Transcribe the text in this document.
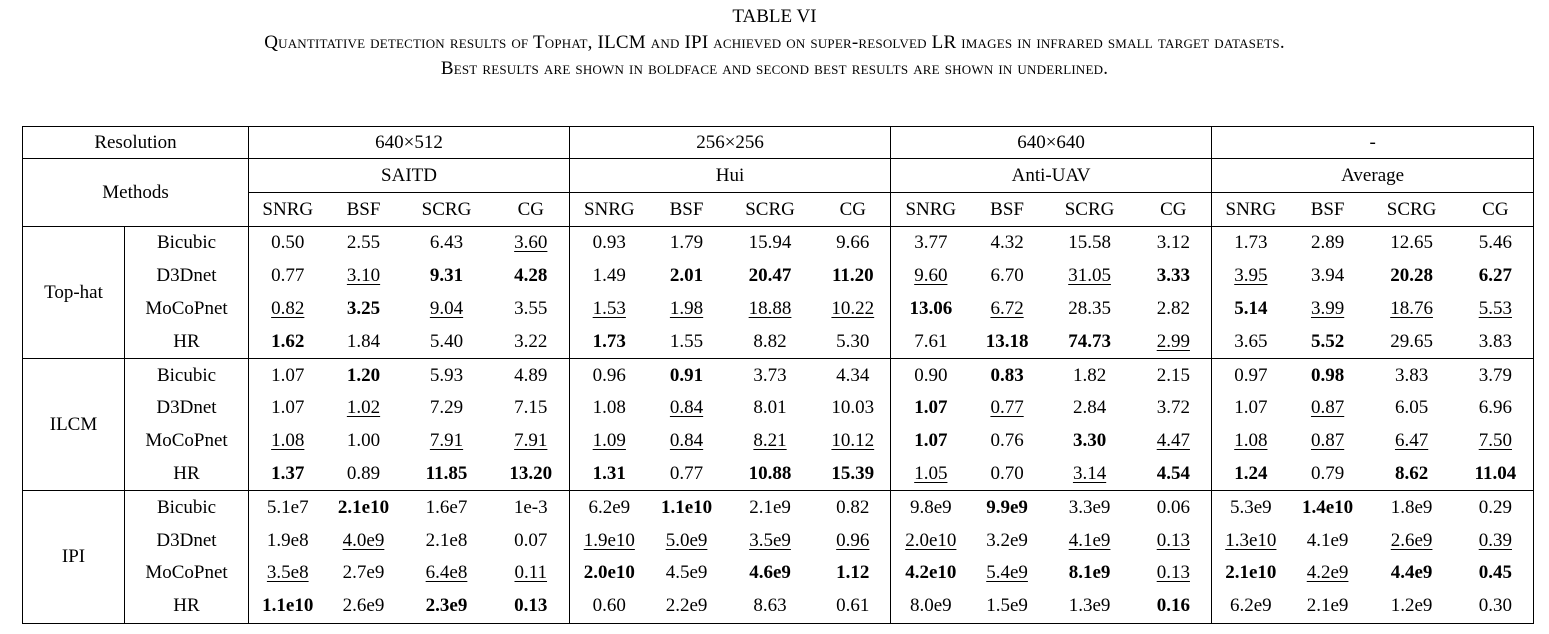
TABLE VI
Quantitative detection results of Tophat, ILCM and IPI achieved on super-resolved LR images in infrared small target datasets.
Best results are shown in boldface and second best results are shown in underlined.
Resolution		640×512				256×256				640×640				-			
Methods		SAITD				Hui				Anti-UAV				Average			
		SNRG	BSF	SCRG	CG	SNRG	BSF	SCRG	CG	SNRG	BSF	SCRG	CG	SNRG	BSF	SCRG	CG
Top-hat	Bicubic	0.50	2.55	6.43	3.60	0.93	1.79	15.94	9.66	3.77	4.32	15.58	3.12	1.73	2.89	12.65	5.46
	D3Dnet	0.77	3.10	9.31	4.28	1.49	2.01	20.47	11.20	9.60	6.70	31.05	3.33	3.95	3.94	20.28	6.27
	MoCoPnet	0.82	3.25	9.04	3.55	1.53	1.98	18.88	10.22	13.06	6.72	28.35	2.82	5.14	3.99	18.76	5.53
	HR	1.62	1.84	5.40	3.22	1.73	1.55	8.82	5.30	7.61	13.18	74.73	2.99	3.65	5.52	29.65	3.83
ILCM	Bicubic	1.07	1.20	5.93	4.89	0.96	0.91	3.73	4.34	0.90	0.83	1.82	2.15	0.97	0.98	3.83	3.79
	D3Dnet	1.07	1.02	7.29	7.15	1.08	0.84	8.01	10.03	1.07	0.77	2.84	3.72	1.07	0.87	6.05	6.96
	MoCoPnet	1.08	1.00	7.91	7.91	1.09	0.84	8.21	10.12	1.07	0.76	3.30	4.47	1.08	0.87	6.47	7.50
	HR	1.37	0.89	11.85	13.20	1.31	0.77	10.88	15.39	1.05	0.70	3.14	4.54	1.24	0.79	8.62	11.04
IPI	Bicubic	5.1e7	2.1e10	1.6e7	1e-3	6.2e9	1.1e10	2.1e9	0.82	9.8e9	9.9e9	3.3e9	0.06	5.3e9	1.4e10	1.8e9	0.29
	D3Dnet	1.9e8	4.0e9	2.1e8	0.07	1.9e10	5.0e9	3.5e9	0.96	2.0e10	3.2e9	4.1e9	0.13	1.3e10	4.1e9	2.6e9	0.39
	MoCoPnet	3.5e8	2.7e9	6.4e8	0.11	2.0e10	4.5e9	4.6e9	1.12	4.2e10	5.4e9	8.1e9	0.13	2.1e10	4.2e9	4.4e9	0.45
	HR	1.1e10	2.6e9	2.3e9	0.13	0.60	2.2e9	8.63	0.61	8.0e9	1.5e9	1.3e9	0.16	6.2e9	2.1e9	1.2e9	0.30
